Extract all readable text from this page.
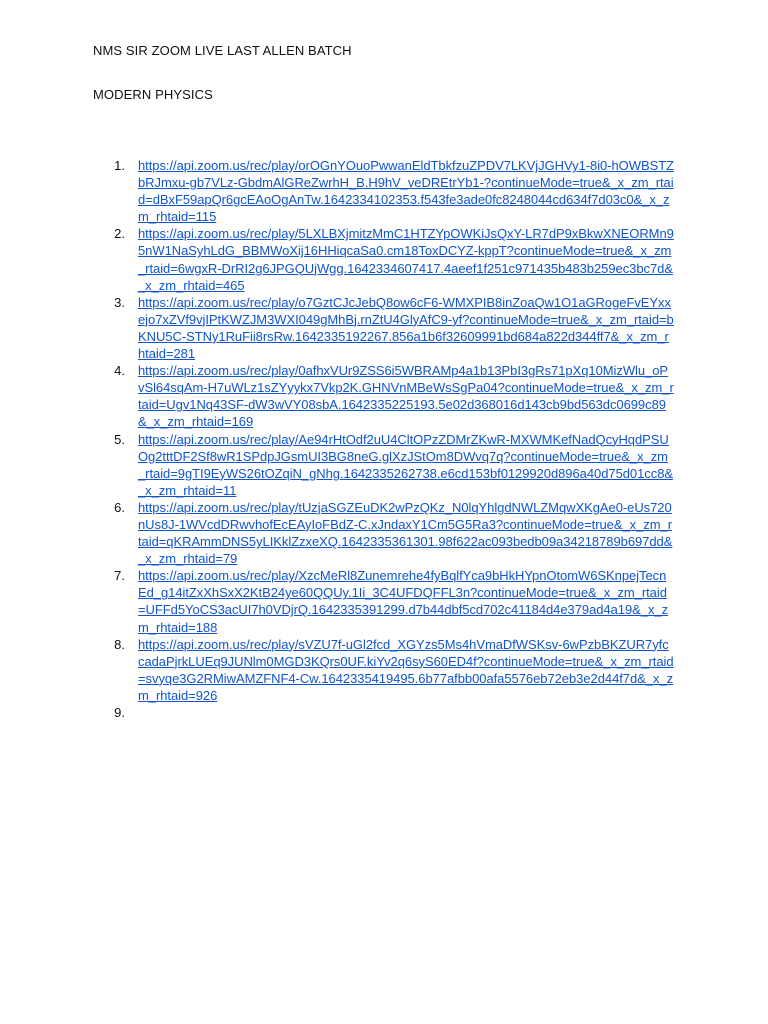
NMS SIR ZOOM LIVE LAST ALLEN BATCH
MODERN PHYSICS
1.	https://api.zoom.us/rec/play/orOGnYOuoPwwanEldTbkfzuZPDV7LKVjJGHVy1-8i0-hOWBSTZbRJmxu-gb7VLz-GbdmAlGReZwrhH_B.H9hV_veDREtrYb1-?continueMode=true&_x_zm_rtaid=dBxF59apQr6gcEAoOgAnTw.1642334102353.f543fe3ade0fc8248044cd634f7d03c0&_x_zm_rhtaid=115
2.	https://api.zoom.us/rec/play/5LXLBXjmitzMmC1HTZYpOWKiJsQxY-LR7dP9xBkwXNEORMn95nW1NaSyhLdG_BBMWoXij16HHiqcaSa0.cm18ToxDCYZ-kppT?continueMode=true&_x_zm_rtaid=6wgxR-DrRI2g6JPGQUjWgg.1642334607417.4aeef1f251c971435b483b259ec3bc7d&_x_zm_rhtaid=465
3.	https://api.zoom.us/rec/play/o7GztCJcJebQ8ow6cF6-WMXPIB8inZoaQw1O1aGRogeFvEYxxejo7xZVf9vjIPtKWZJM3WXI049gMhBj.rnZtU4GlyAfC9-yf?continueMode=true&_x_zm_rtaid=bKNU5C-STNy1RuFii8rsRw.1642335192267.856a1b6f32609991bd684a822d344ff7&_x_zm_rhtaid=281
4.	https://api.zoom.us/rec/play/0afhxVUr9ZSS6i5WBRAMp4a1b13PbI3gRs71pXq10MizWlu_oPvSl64sqAm-H7uWLz1sZYyykx7Vkp2K.GHNVnMBeWsSgPa04?continueMode=true&_x_zm_rtaid=Ugv1Nq43SF-dW3wVY08sbA.1642335225193.5e02d368016d143cb9bd563dc0699c89&_x_zm_rhtaid=169
5.	https://api.zoom.us/rec/play/Ae94rHtOdf2uU4CltOPzZDMrZKwR-MXWMKefNadQcyHqdPSUOg2tttDF2Sf8wR1SPdpJGsmUI3BG8neG.glXzJStOm8DWvq7q?continueMode=true&_x_zm_rtaid=9gTI9EyWS26tOZqiN_gNhg.1642335262738.e6cd153bf0129920d896a40d75d01cc8&_x_zm_rhtaid=11
6.	https://api.zoom.us/rec/play/tUzjaSGZEuDK2wPzQKz_N0lqYhlgdNWLZMqwXKgAe0-eUs720nUs8J-1WVcdDRwvhofEcEAyIoFBdZ-C.xJndaxY1Cm5G5Ra3?continueMode=true&_x_zm_rtaid=qKRAmmDNS5yLIKklZzxeXQ.1642335361301.98f622ac093bedb09a34218789b697dd&_x_zm_rhtaid=79
7.	https://api.zoom.us/rec/play/XzcMeRl8Zunemrehe4fyBqlfYca9bHkHYpnOtomW6SKnpejTecnEd_g14itZxXhSxX2KtB24ye60QQUy.1Ii_3C4UFDQFFL3n?continueMode=true&_x_zm_rtaid=UFFd5YoCS3acUI7h0VDjrQ.1642335391299.d7b44dbf5cd702c41184d4e379ad4a19&_x_zm_rhtaid=188
8.	https://api.zoom.us/rec/play/sVZU7f-uGl2fcd_XGYzs5Ms4hVmaDfWSKsv-6wPzbBKZUR7yfccadaPjrkLUEq9JUNlm0MGD3KQrs0UF.kiYv2q6syS60ED4f?continueMode=true&_x_zm_rtaid=svyqe3G2RMiwAMZFNF4-Cw.1642335419495.6b77afbb00afa5576eb72eb3e2d44f7d&_x_zm_rhtaid=926
9.
